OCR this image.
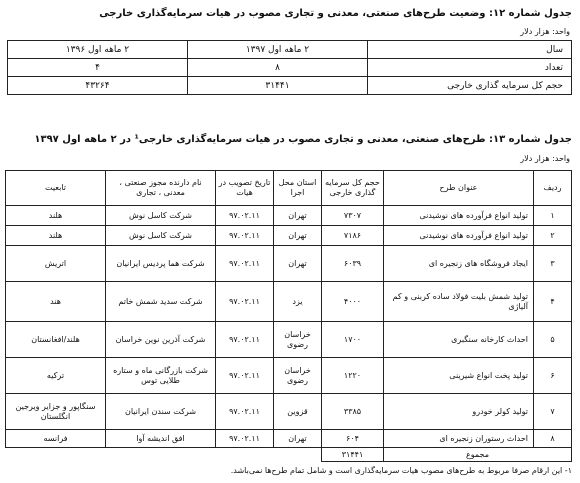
جدول شماره ۱۲: وضعیت طرح‌های صنعتی، معدنی و تجاری مصوب در هیات سرمایه‌گذاری خارجی
واحد: هزار دلار
سال	۲ ماهه اول ۱۳۹۷	۲ ماهه اول ۱۳۹۶
تعداد	۸	۴
حجم کل سرمایه گذاری خارجی	۳۱۴۴۱	۴۳۲۶۴
جدول شماره ۱۳: طرح‌های صنعتی، معدنی و تجاری مصوب در هیات سرمایه‌گذاری خارجی¹ در ۲ ماهه اول ۱۳۹۷
واحد: هزار دلار
ردیف	عنوان طرح	حجم کل سرمایه گذاری خارجی	استان محل اجرا	تاریخ تصویب در هیات	نام دارنده مجوز صنعتی ، معدنی ، تجاری	تابعیت
۱	تولید انواع فرآورده های نوشیدنی	۷۳۰۷	تهران	۹۷.۰۲.۱۱	شرکت کاسل نوش	هلند
۲	تولید انواع فرآورده های نوشیدنی	۷۱۸۶	تهران	۹۷.۰۲.۱۱	شرکت کاسل نوش	هلند
۳	ایجاد فروشگاه های زنجیره ای	۶۰۳۹	تهران	۹۷.۰۲.۱۱	شرکت هما پردیس ایرانیان	اتریش
۴	تولید شمش بلیت فولاد ساده کربنی و کم آلیاژی	۴۰۰۰	یزد	۹۷.۰۲.۱۱	شرکت سدید شمش خاتم	هند
۵	احداث کارخانه سنگبری	۱۷۰۰	خراسان رضوی	۹۷.۰۲.۱۱	شرکت آذرین نوین خراسان	هلند/افغانستان
۶	تولید پخت انواع شیرینی	۱۲۲۰	خراسان رضوی	۹۷.۰۲.۱۱	شرکت بازرگانی ماه و ستاره طلایی توس	ترکیه
۷	تولید کولر خودرو	۳۳۸۵	قزوین	۹۷.۰۲.۱۱	شرکت سندن ایرانیان	سنگاپور و جزایر ویرجین انگلستان
۸	احداث رستوران زنجیره ای	۶۰۴	تهران	۹۷.۰۲.۱۱	افق اندیشه آوا	فرانسه
مجموع		۳۱۴۴۱				
۱- این ارقام صرفا مربوط به طرح‌های مصوب هیات سرمایه‌گذاری است و شامل تمام طرح‌ها نمی‌باشد.
